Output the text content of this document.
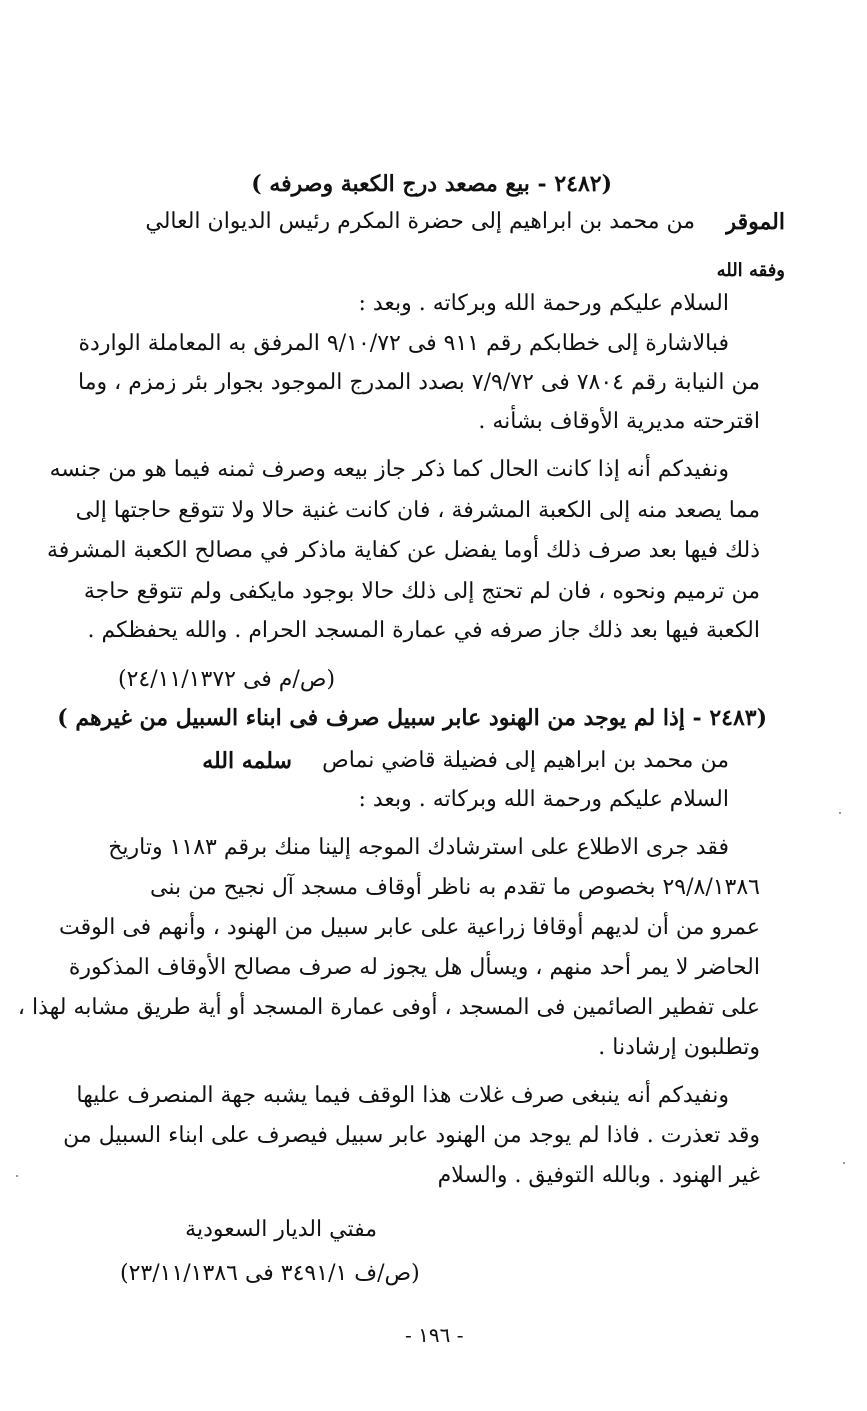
(٢٤٨٢ - بيع مصعد درج الكعبة وصرفه )
من محمد بن ابراهيم إلى حضرة المكرم رئيس الديوان العالي الموقر
وفقه الله
السلام عليكم ورحمة الله وبركاته . وبعد :
فبالاشارة إلى خطابكم رقم ٩١١ فى ٩/١٠/٧٢ المرفق به المعاملة الواردة
من النيابة رقم ٧٨٠٤ فى ٧/٩/٧٢ بصدد المدرج الموجود بجوار بئر زمزم ، وما
اقترحته مديرية الأوقاف بشأنه .
ونفيدكم أنه إذا كانت الحال كما ذكر جاز بيعه وصرف ثمنه فيما هو من جنسه
مما يصعد منه إلى الكعبة المشرفة ، فان كانت غنية حالا ولا تتوقع حاجتها إلى
ذلك فيها بعد صرف ذلك أوما يفضل عن كفاية ماذكر في مصالح الكعبة المشرفة
من ترميم ونحوه ، فان لم تحتج إلى ذلك حالا بوجود مايكفى ولم تتوقع حاجة
الكعبة فيها بعد ذلك جاز صرفه في عمارة المسجد الحرام . والله يحفظكم .
(ص/م فى ٢٤/١١/١٣٧٢)
(٢٤٨٣ - إذا لم يوجد من الهنود عابر سبيل صرف فى ابناء السبيل من غيرهم )
من محمد بن ابراهيم إلى فضيلة قاضي نماص
سلمه الله
السلام عليكم ورحمة الله وبركاته . وبعد :
فقد جرى الاطلاع على استرشادك الموجه إلينا منك برقم ١١٨٣ وتاريخ
٢٩/٨/١٣٨٦ بخصوص ما تقدم به ناظر أوقاف مسجد آل نجيح من بنى
عمرو من أن لديهم أوقافا زراعية على عابر سبيل من الهنود ، وأنهم فى الوقت
الحاضر لا يمر أحد منهم ، ويسأل هل يجوز له صرف مصالح الأوقاف المذكورة
على تفطير الصائمين فى المسجد ، أوفى عمارة المسجد أو أية طريق مشابه لهذا ،
وتطلبون إرشادنا .
ونفيدكم أنه ينبغى صرف غلات هذا الوقف فيما يشبه جهة المنصرف عليها
وقد تعذرت . فاذا لم يوجد من الهنود عابر سبيل فيصرف على ابناء السبيل من
غير الهنود . وبالله التوفيق . والسلام
مفتي الديار السعودية
(ص/ف ٣٤٩١/١ فى ٢٣/١١/١٣٨٦)
- ١٩٦ -
